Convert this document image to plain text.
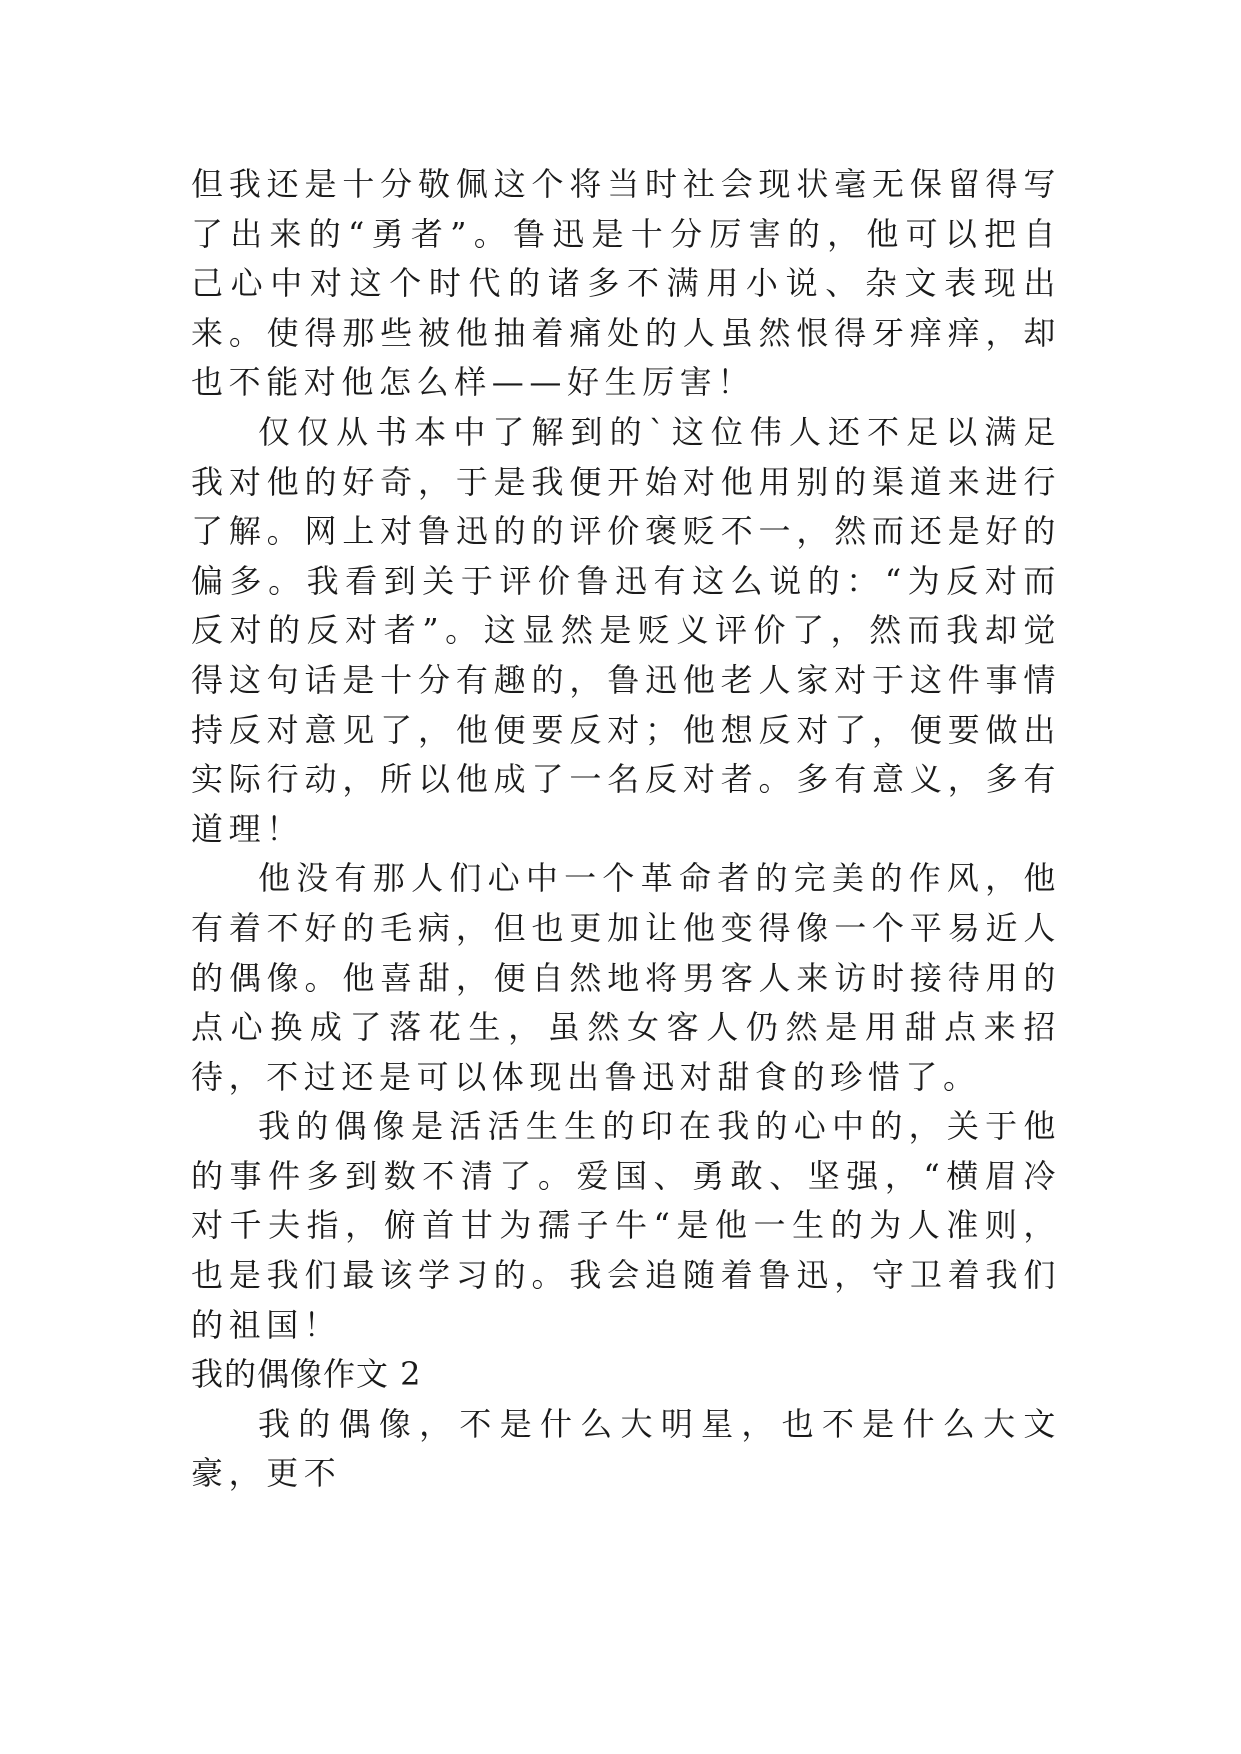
但我还是十分敬佩这个将当时社会现状毫无保留得写了出来的“勇者”。鲁迅是十分厉害的，他可以把自己心中对这个时代的诸多不满用小说、杂文表现出来。使得那些被他抽着痛处的人虽然恨得牙痒痒，却也不能对他怎么样——好生厉害！

仅仅从书本中了解到的`这位伟人还不足以满足我对他的好奇，于是我便开始对他用别的渠道来进行了解。网上对鲁迅的的评价褒贬不一，然而还是好的偏多。我看到关于评价鲁迅有这么说的：“为反对而反对的反对者”。这显然是贬义评价了，然而我却觉得这句话是十分有趣的，鲁迅他老人家对于这件事情持反对意见了，他便要反对；他想反对了，便要做出实际行动，所以他成了一名反对者。多有意义，多有道理！

他没有那人们心中一个革命者的完美的作风，他有着不好的毛病，但也更加让他变得像一个平易近人的偶像。他喜甜，便自然地将男客人来访时接待用的点心换成了落花生，虽然女客人仍然是用甜点来招待，不过还是可以体现出鲁迅对甜食的珍惜了。

我的偶像是活活生生的印在我的心中的，关于他的事件多到数不清了。爱国、勇敢、坚强，“横眉冷对千夫指，俯首甘为孺子牛“是他一生的为人准则，也是我们最该学习的。我会追随着鲁迅，守卫着我们的祖国！

我的偶像作文 2

我的偶像，不是什么大明星，也不是什么大文豪，更不
